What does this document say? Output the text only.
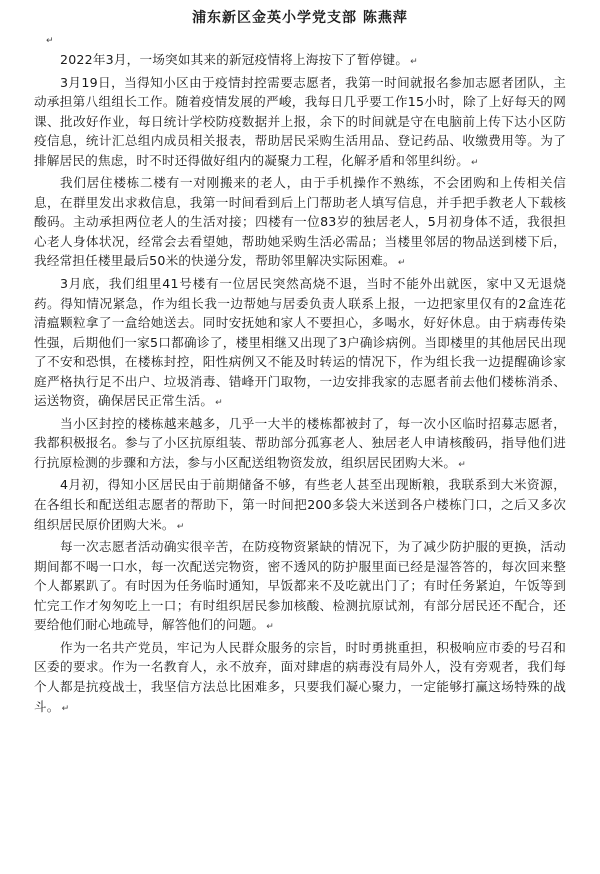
浦东新区金英小学党支部 陈燕萍
↵

2022年3月，一场突如其来的新冠疫情将上海按下了暂停键。 ↵

3月19日，当得知小区由于疫情封控需要志愿者，我第一时间就报名参加志愿者团队，主动承担第八组组长工作。随着疫情发展的严峻，我每日几乎要工作15小时，除了上好每天的网课、批改好作业，每日统计学校防疫数据并上报，余下的时间就是守在电脑前上传下达小区防疫信息，统计汇总组内成员相关报表，帮助居民采购生活用品、登记药品、收缴费用等。为了排解居民的焦虑，时不时还得做好组内的凝聚力工程，化解矛盾和邻里纠纷。 ↵

我们居住楼栋二楼有一对刚搬来的老人，由于手机操作不熟练，不会团购和上传相关信息，在群里发出求救信息，我第一时间看到后上门帮助老人填写信息，并手把手教老人下载核酸码。主动承担两位老人的生活对接；四楼有一位83岁的独居老人，5月初身体不适，我很担心老人身体状况，经常会去看望她，帮助她采购生活必需品；当楼里邻居的物品送到楼下后，我经常担任楼里最后50米的快递分发，帮助邻里解决实际困难。 ↵

3月底，我们组里41号楼有一位居民突然高烧不退，当时不能外出就医，家中又无退烧药。得知情况紧急，作为组长我一边帮她与居委负责人联系上报，一边把家里仅有的2盒连花清瘟颗粒拿了一盒给她送去。同时安抚她和家人不要担心，多喝水，好好休息。由于病毒传染性强，后期他们一家5口都确诊了，楼里相继又出现了3户确诊病例。当即楼里的其他居民出现了不安和恐惧，在楼栋封控，阳性病例又不能及时转运的情况下，作为组长我一边提醒确诊家庭严格执行足不出户、垃圾消毒、错峰开门取物，一边安排我家的志愿者前去他们楼栋消杀、运送物资，确保居民正常生活。 ↵

当小区封控的楼栋越来越多，几乎一大半的楼栋都被封了，每一次小区临时招募志愿者，我都积极报名。参与了小区抗原组装、帮助部分孤寡老人、独居老人申请核酸码，指导他们进行抗原检测的步骤和方法，参与小区配送组物资发放，组织居民团购大米。 ↵

4月初，得知小区居民由于前期储备不够，有些老人甚至出现断粮，我联系到大米资源，在各组长和配送组志愿者的帮助下，第一时间把200多袋大米送到各户楼栋门口，之后又多次组织居民原价团购大米。 ↵

每一次志愿者活动确实很辛苦，在防疫物资紧缺的情况下，为了减少防护服的更换，活动期间都不喝一口水，每一次配送完物资，密不透风的防护服里面已经是湿答答的，每次回来整个人都累趴了。有时因为任务临时通知，早饭都来不及吃就出门了；有时任务紧迫，午饭等到忙完工作才匆匆吃上一口；有时组织居民参加核酸、检测抗原试剂，有部分居民还不配合，还要给他们耐心地疏导，解答他们的问题。 ↵

作为一名共产党员，牢记为人民群众服务的宗旨，时时勇挑重担，积极响应市委的号召和区委的要求。作为一名教育人，永不放弃，面对肆虐的病毒没有局外人，没有旁观者，我们每个人都是抗疫战士，我坚信方法总比困难多，只要我们凝心聚力，一定能够打赢这场特殊的战斗。 ↵
